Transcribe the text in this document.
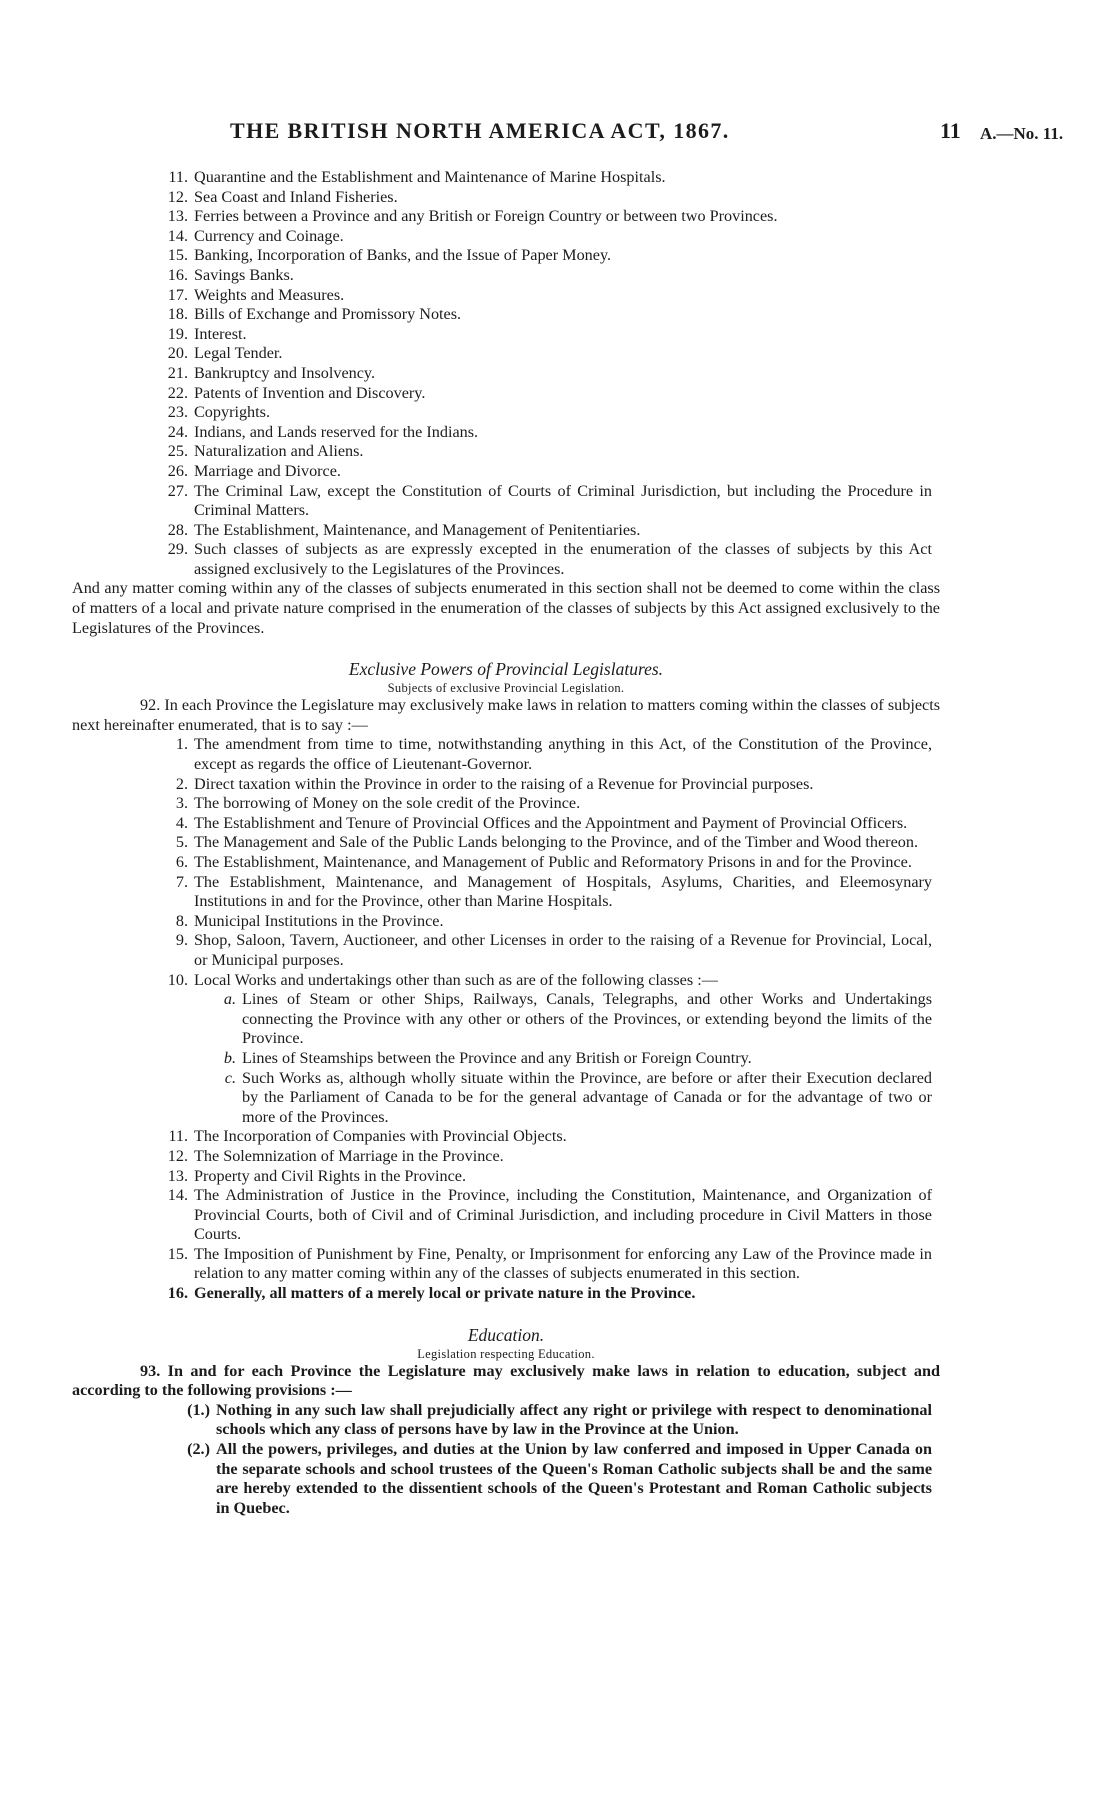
THE BRITISH NORTH AMERICA ACT, 1867.	11 A.—No. 11.
11. Quarantine and the Establishment and Maintenance of Marine Hospitals.
12. Sea Coast and Inland Fisheries.
13. Ferries between a Province and any British or Foreign Country or between two Provinces.
14. Currency and Coinage.
15. Banking, Incorporation of Banks, and the Issue of Paper Money.
16. Savings Banks.
17. Weights and Measures.
18. Bills of Exchange and Promissory Notes.
19. Interest.
20. Legal Tender.
21. Bankruptcy and Insolvency.
22. Patents of Invention and Discovery.
23. Copyrights.
24. Indians, and Lands reserved for the Indians.
25. Naturalization and Aliens.
26. Marriage and Divorce.
27. The Criminal Law, except the Constitution of Courts of Criminal Jurisdiction, but including the Procedure in Criminal Matters.
28. The Establishment, Maintenance, and Management of Penitentiaries.
29. Such classes of subjects as are expressly excepted in the enumeration of the classes of subjects by this Act assigned exclusively to the Legislatures of the Provinces.

And any matter coming within any of the classes of subjects enumerated in this section shall not be deemed to come within the class of matters of a local and private nature comprised in the enumeration of the classes of subjects by this Act assigned exclusively to the Legislatures of the Provinces.

Exclusive Powers of Provincial Legislatures.
Subjects of exclusive Provincial Legislation.

92. In each Province the Legislature may exclusively make laws in relation to matters coming within the classes of subjects next hereinafter enumerated, that is to say :—

1. The amendment from time to time, notwithstanding anything in this Act, of the Constitution of the Province, except as regards the office of Lieutenant-Governor.
2. Direct taxation within the Province in order to the raising of a Revenue for Provincial purposes.
3. The borrowing of Money on the sole credit of the Province.
4. The Establishment and Tenure of Provincial Offices and the Appointment and Payment of Provincial Officers.
5. The Management and Sale of the Public Lands belonging to the Province, and of the Timber and Wood thereon.
6. The Establishment, Maintenance, and Management of Public and Reformatory Prisons in and for the Province.
7. The Establishment, Maintenance, and Management of Hospitals, Asylums, Charities, and Eleemosynary Institutions in and for the Province, other than Marine Hospitals.
8. Municipal Institutions in the Province.
9. Shop, Saloon, Tavern, Auctioneer, and other Licenses in order to the raising of a Revenue for Provincial, Local, or Municipal purposes.
10. Local Works and undertakings other than such as are of the following classes :—
a. Lines of Steam or other Ships, Railways, Canals, Telegraphs, and other Works and Undertakings connecting the Province with any other or others of the Provinces, or extending beyond the limits of the Province.
b. Lines of Steamships between the Province and any British or Foreign Country.
c. Such Works as, although wholly situate within the Province, are before or after their Execution declared by the Parliament of Canada to be for the general advantage of Canada or for the advantage of two or more of the Provinces.
11. The Incorporation of Companies with Provincial Objects.
12. The Solemnization of Marriage in the Province.
13. Property and Civil Rights in the Province.
14. The Administration of Justice in the Province, including the Constitution, Maintenance, and Organization of Provincial Courts, both of Civil and of Criminal Jurisdiction, and including procedure in Civil Matters in those Courts.
15. The Imposition of Punishment by Fine, Penalty, or Imprisonment for enforcing any Law of the Province made in relation to any matter coming within any of the classes of subjects enumerated in this section.
16. Generally, all matters of a merely local or private nature in the Province.
Education.
Legislation respecting Education.

93. In and for each Province the Legislature may exclusively make laws in relation to education, subject and according to the following provisions :—

(1.) Nothing in any such law shall prejudicially affect any right or privilege with respect to denominational schools which any class of persons have by law in the Province at the Union.
(2.) All the powers, privileges, and duties at the Union by law conferred and imposed in Upper Canada on the separate schools and school trustees of the Queen's Roman Catholic subjects shall be and the same are hereby extended to the dissentient schools of the Queen's Protestant and Roman Catholic subjects in Quebec.
